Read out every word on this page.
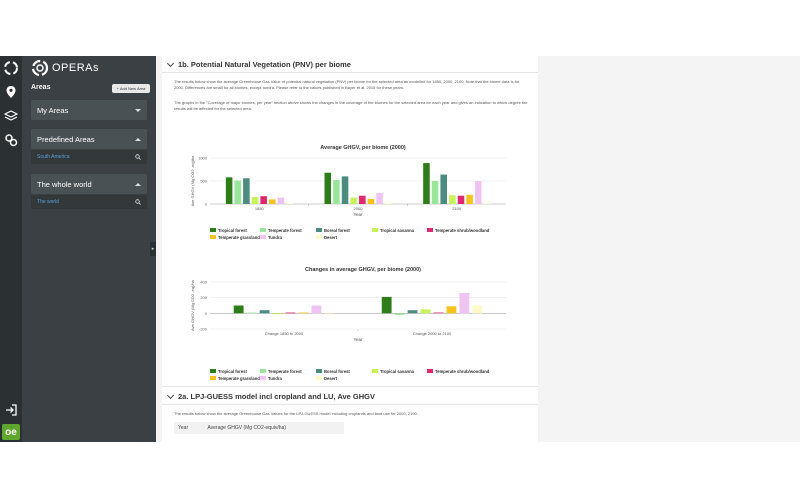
oe
OPERAs
Areas	+ Add New Area
My Areas
Predefined Areas
South America
The whole world
The world
▸
1b. Potential Natural Vegetation (PNV) per biome
The results below show the average Greenhouse Gas Value of potential natural vegetation (PNV) per biome for the selected area as modelled for 1850, 2000, 2100. Note that the biome data is for 2000. Differences are small for all biomes, except tundra. Please refer to the values published in Bayer et al. 2015 for these years.
The graphs in the "Coverage of major biomes, per year" section above shows the changes in the coverage of the biomes for the selected area for each year and gives an indication to which degree the results will be affected for the selected area.
Average GHGV, per biome (2000)
Ave GHGV (Mg CO2 -eq)/ha 1000
500
0
1850	2000	2100
Year
Tropical forest	Temperate forest	Boreal forest	Tropical savanna	Temperate shrub/woodland
Temperate grassland Tundra	Desert
Changes in average GHGV, per biome (2000)
Ave GHGV (Mg CO2 -eq)/ha 400
200
0
-200
Change 1850 to 2000	Change 2000 to 2100
Year
Tropical forest	Temperate forest	Boreal forest	Tropical savanna	Temperate shrub/woodland
Temperate grassland Tundra	Desert
2a. LPJ-GUESS model incl cropland and LU, Ave GHGV
The results below show the average Greenhouse Gas Values for the LPJ-GUESS model including croplands and land use for 2000, 2100.
Year	Average GHGV (Mg CO2-equiv/ha)
